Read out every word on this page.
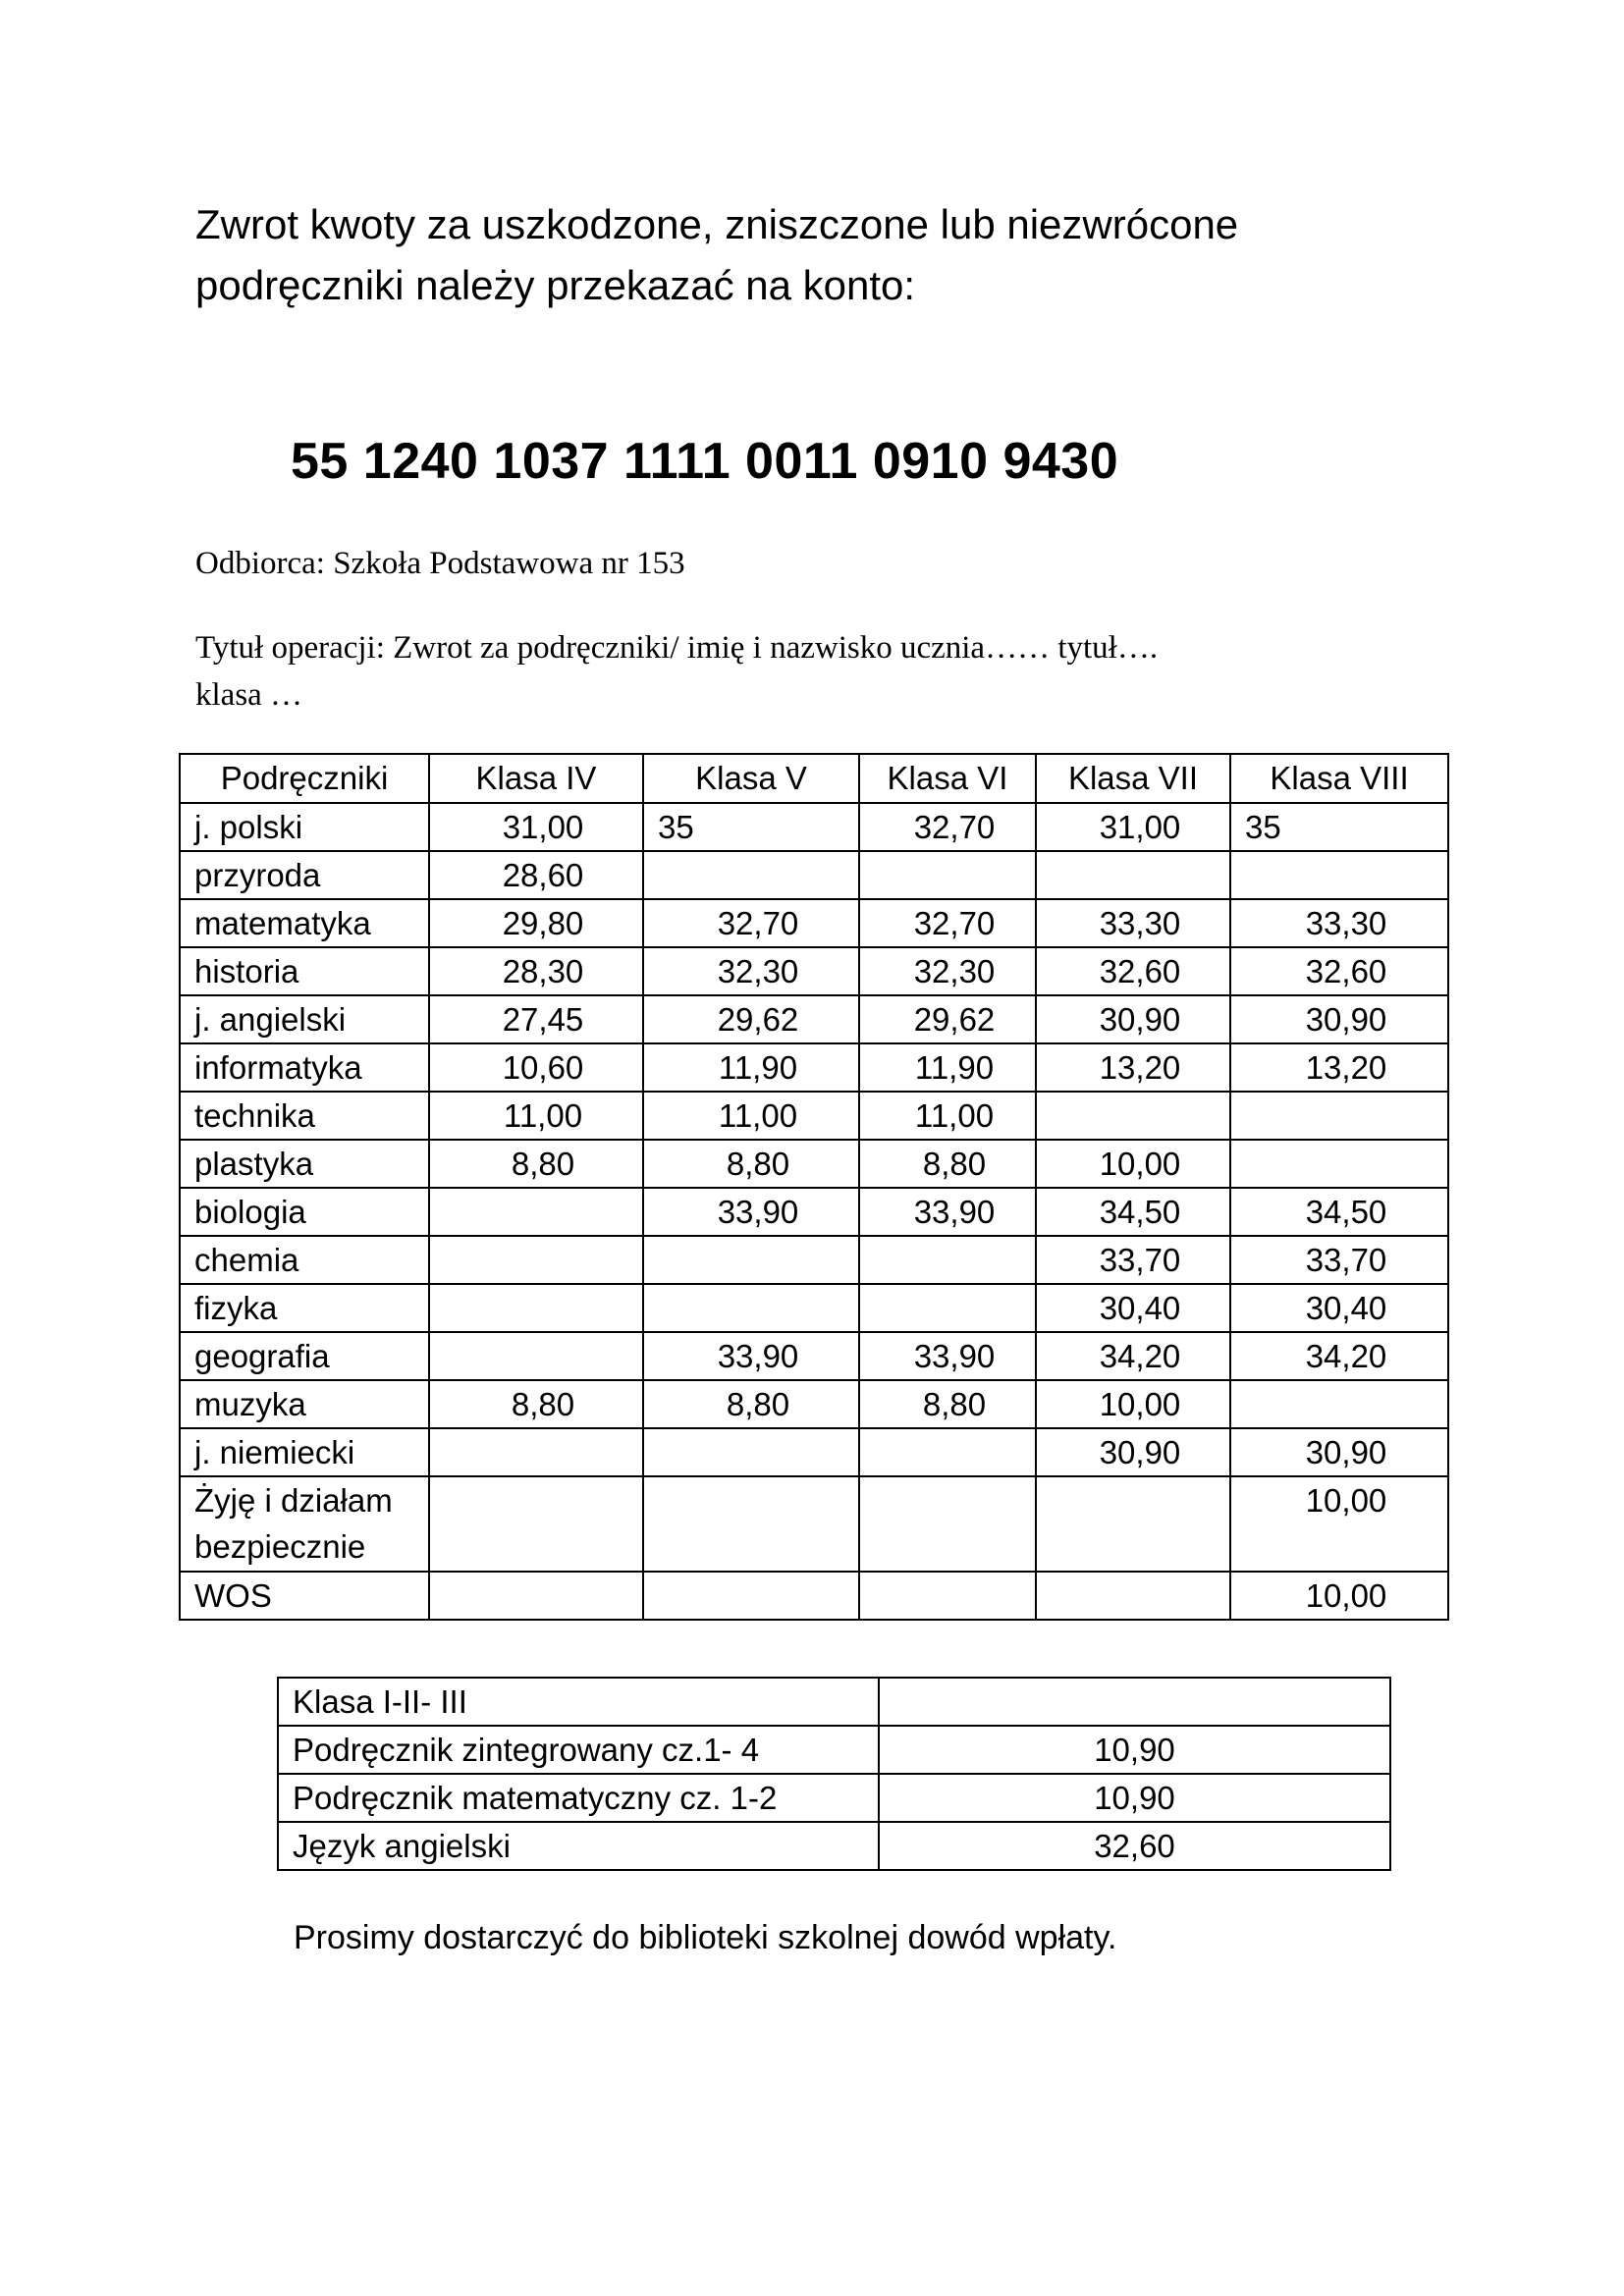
Zwrot kwoty za uszkodzone, zniszczone lub niezwrócone
podręczniki należy przekazać na konto:
55 1240 1037 1111 0011 0910 9430
Odbiorca: Szkoła Podstawowa nr 153
Tytuł operacji: Zwrot za podręczniki/ imię i nazwisko ucznia…… tytuł….
klasa …
Podręczniki	Klasa IV	Klasa V	Klasa VI	Klasa VII	Klasa VIII
j. polski	31,00	35	32,70	31,00	35
przyroda	28,60				
matematyka	29,80	32,70	32,70	33,30	33,30
historia	28,30	32,30	32,30	32,60	32,60
j. angielski	27,45	29,62	29,62	30,90	30,90
informatyka	10,60	11,90	11,90	13,20	13,20
technika	11,00	11,00	11,00		
plastyka	8,80	8,80	8,80	10,00	
biologia		33,90	33,90	34,50	34,50
chemia				33,70	33,70
fizyka				30,40	30,40
geografia		33,90	33,90	34,20	34,20
muzyka	8,80	8,80	8,80	10,00	
j. niemiecki				30,90	30,90
Żyję i działam bezpiecznie					10,00
WOS					10,00
Klasa I-II- III	
Podręcznik zintegrowany cz.1- 4	10,90
Podręcznik matematyczny cz. 1-2	10,90
Język angielski	32,60
Prosimy dostarczyć do biblioteki szkolnej dowód wpłaty.
